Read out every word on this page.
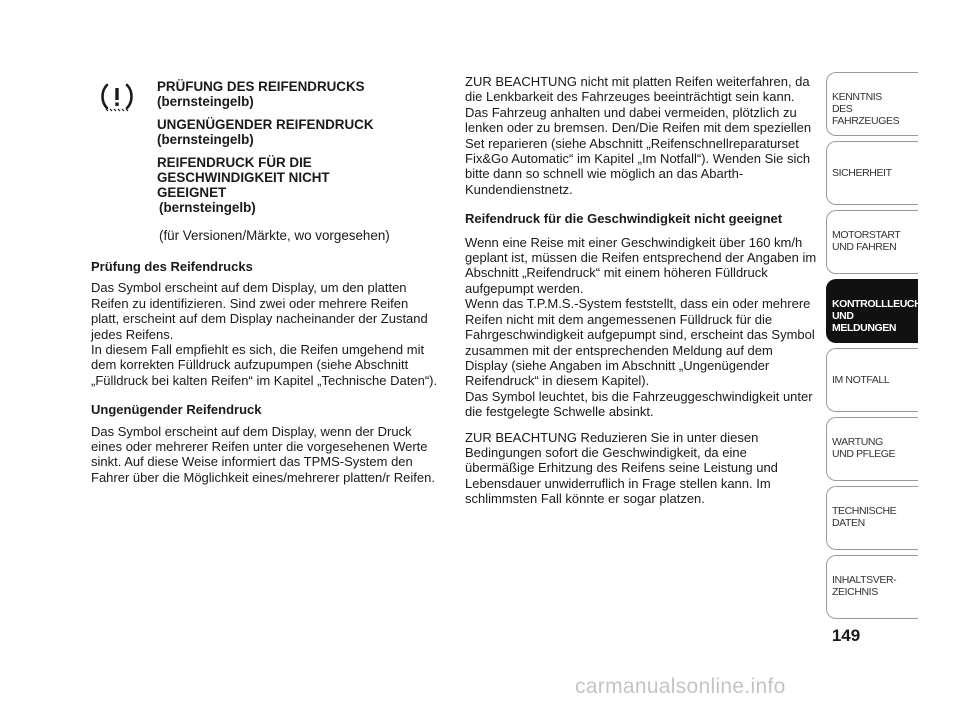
PRÜFUNG DES REIFENDRUCKS

(bernsteingelb)

UNGENÜGENDER REIFENDRUCK

(bernsteingelb)

REIFENDRUCK FÜR DIE

GESCHWINDIGKEIT NICHT

GEEIGNET

(bernsteingelb)

(für Versionen/Märkte, wo vorgesehen)

Prüfung des Reifendrucks

Das Symbol erscheint auf dem Display, um den platten Reifen zu identifizieren. Sind zwei oder mehrere Reifen platt, erscheint auf dem Display nacheinander der Zustand jedes Reifens.

In diesem Fall empfiehlt es sich, die Reifen umgehend mit dem korrekten Fülldruck aufzupumpen (siehe Abschnitt „Fülldruck bei kalten Reifen“ im Kapitel „Technische Daten“).

Ungenügender Reifendruck

Das Symbol erscheint auf dem Display, wenn der Druck eines oder mehrerer Reifen unter die vorgesehenen Werte sinkt. Auf diese Weise informiert das TPMS-System den Fahrer über die Möglichkeit eines/mehrerer platten/r Reifen.

ZUR BEACHTUNG nicht mit platten Reifen weiterfahren, da die Lenkbarkeit des Fahrzeuges beeinträchtigt sein kann. Das Fahrzeug anhalten und dabei vermeiden, plötzlich zu lenken oder zu bremsen. Den/Die Reifen mit dem speziellen Set reparieren (siehe Abschnitt „Reifenschnellreparaturset Fix&Go Automatic“ im Kapitel „Im Notfall“). Wenden Sie sich bitte dann so schnell wie möglich an das Abarth-Kundendienstnetz.

Reifendruck für die Geschwindigkeit nicht geeignet

Wenn eine Reise mit einer Geschwindigkeit über 160 km/h geplant ist, müssen die Reifen entsprechend der Angaben im Abschnitt „Reifendruck“ mit einem höheren Fülldruck aufgepumpt werden.

Wenn das T.P.M.S.-System feststellt, dass ein oder mehrere Reifen nicht mit dem angemessenen Fülldruck für die Fahrgeschwindigkeit aufgepumpt sind, erscheint das Symbol zusammen mit der entsprechenden Meldung auf dem Display (siehe Angaben im Abschnitt „Ungenügender Reifendruck“ in diesem Kapitel).

Das Symbol leuchtet, bis die Fahrzeuggeschwindigkeit unter die festgelegte Schwelle absinkt.

ZUR BEACHTUNG Reduzieren Sie in unter diesen Bedingungen sofort die Geschwindigkeit, da eine übermäßige Erhitzung des Reifens seine Leistung und Lebensdauer unwiderruflich in Frage stellen kann. Im schlimmsten Fall könnte er sogar platzen.

KENNTNIS
DES FAHRZEUGES
SICHERHEIT
MOTORSTART
UND FAHREN
KONTROLLLEUCHTEN
UND MELDUNGEN
IM NOTFALL
WARTUNG
UND PFLEGE
TECHNISCHE
DATEN
INHALTSVER-
ZEICHNIS
149
carmanualsonline.info
